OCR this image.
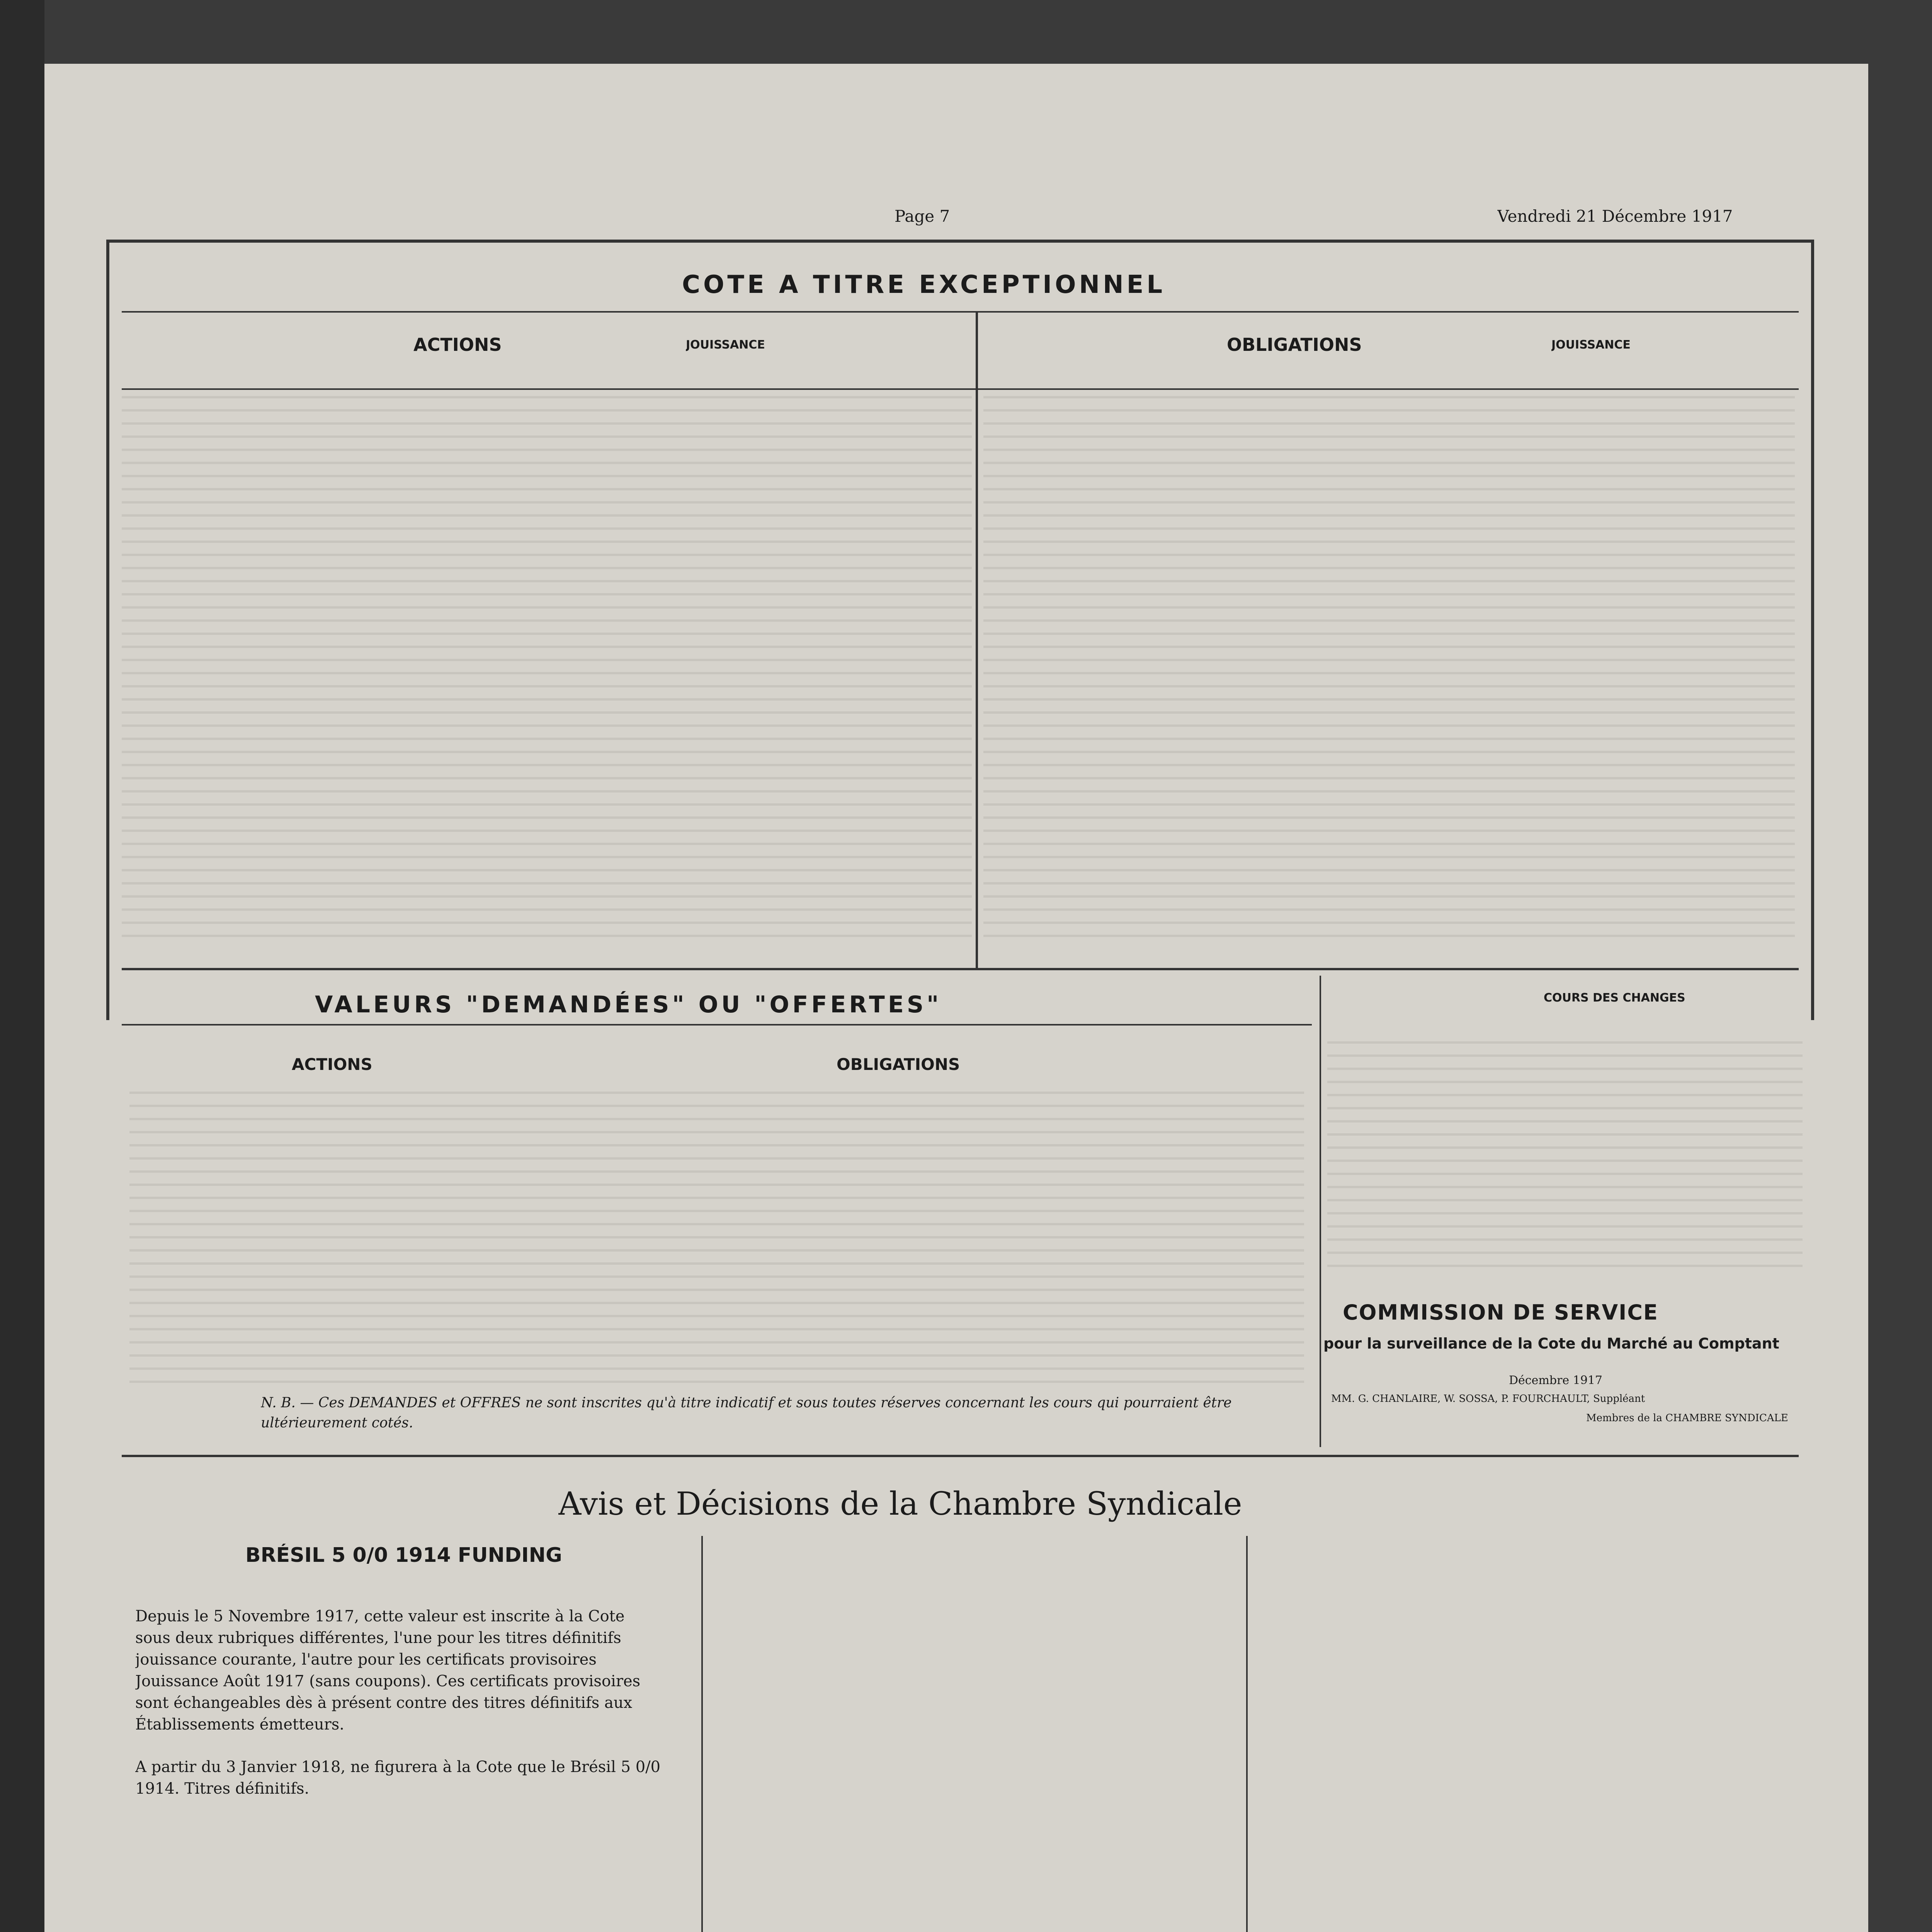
Page 7	Vendredi 21 Décembre 1917
COTE A TITRE EXCEPTIONNEL
ACTIONS	JOUISSANCE	OBLIGATIONS	JOUISSANCE
VALEURS "DEMANDÉES" OU "OFFERTES"
ACTIONS	OBLIGATIONS
N. B. — Ces DEMANDES et OFFRES ne sont inscrites qu'à titre indicatif et sous toutes réserves concernant les cours qui pourraient être ultérieurement cotés.
COURS DES CHANGES
COMMISSION DE SERVICE
pour la surveillance de la Cote du Marché au Comptant
Décembre 1917
MM. G. CHANLAIRE, W. SOSSA, P. FOURCHAULT, Suppléant
Membres de la CHAMBRE SYNDICALE
Avis et Décisions de la Chambre Syndicale
BRÉSIL 5 0/0 1914 FUNDING
Depuis le 5 Novembre 1917, cette valeur est inscrite à la Cote sous deux rubriques différentes, l'une pour les titres définitifs jouissance courante, l'autre pour les certificats provisoires Jouissance Août 1917 (sans coupons). Ces certificats provisoires sont échangeables dès à présent contre des titres définitifs aux Établissements émetteurs.
A partir du 3 Janvier 1918, ne figurera à la Cote que le Brésil 5 0/0 1914. Titres définitifs.
